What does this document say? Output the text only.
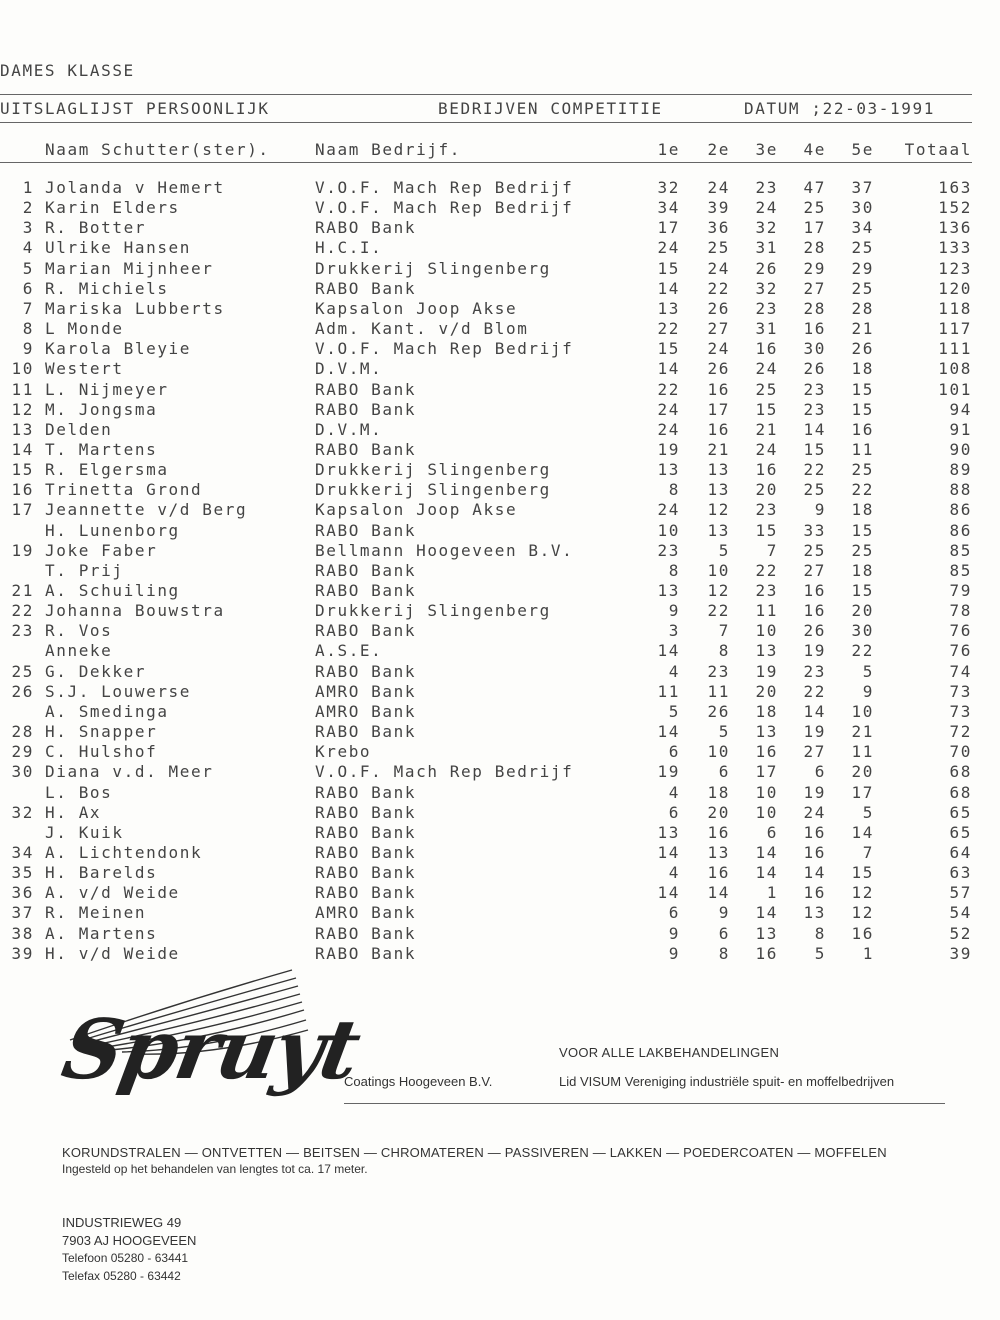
DAMES KLASSE
UITSLAGLIJST PERSOONLIJK	BEDRIJVEN COMPETITIE	DATUM ;22-03-1991
Naam Schutter(ster).	Naam Bedrijf.	1e	2e	3e	4e	5e	Totaal
1 Jolanda v Hemert	V.O.F. Mach Rep Bedrijf	32	24	23	47	37	163
2 Karin Elders	V.O.F. Mach Rep Bedrijf	34	39	24	25	30	152
3 R. Botter	RABO Bank	17	36	32	17	34	136
4 Ulrike Hansen	H.C.I.	24	25	31	28	25	133
5 Marian Mijnheer	Drukkerij Slingenberg	15	24	26	29	29	123
6 R. Michiels	RABO Bank	14	22	32	27	25	120
7 Mariska Lubberts	Kapsalon Joop Akse	13	26	23	28	28	118
8 L Monde	Adm. Kant. v/d Blom	22	27	31	16	21	117
9 Karola Bleyie	V.O.F. Mach Rep Bedrijf	15	24	16	30	26	111
10 Westert	D.V.M.	14	26	24	26	18	108
11 L. Nijmeyer	RABO Bank	22	16	25	23	15	101
12 M. Jongsma	RABO Bank	24	17	15	23	15	94
13 Delden	D.V.M.	24	16	21	14	16	91
14 T. Martens	RABO Bank	19	21	24	15	11	90
15 R. Elgersma	Drukkerij Slingenberg	13	13	16	22	25	89
16 Trinetta Grond	Drukkerij Slingenberg	8	13	20	25	22	88
17 Jeannette v/d Berg	Kapsalon Joop Akse	24	12	23	9	18	86
H. Lunenborg	RABO Bank	10	13	15	33	15	86
19 Joke Faber	Bellmann Hoogeveen B.V.	23	5	7	25	25	85
T. Prij	RABO Bank	8	10	22	27	18	85
21 A. Schuiling	RABO Bank	13	12	23	16	15	79
22 Johanna Bouwstra	Drukkerij Slingenberg	9	22	11	16	20	78
23 R. Vos	RABO Bank	3	7	10	26	30	76
Anneke	A.S.E.	14	8	13	19	22	76
25 G. Dekker	RABO Bank	4	23	19	23	5	74
26 S.J. Louwerse	AMRO Bank	11	11	20	22	9	73
A. Smedinga	AMRO Bank	5	26	18	14	10	73
28 H. Snapper	RABO Bank	14	5	13	19	21	72
29 C. Hulshof	Krebo	6	10	16	27	11	70
30 Diana v.d. Meer	V.O.F. Mach Rep Bedrijf	19	6	17	6	20	68
L. Bos	RABO Bank	4	18	10	19	17	68
32 H. Ax	RABO Bank	6	20	10	24	5	65
J. Kuik	RABO Bank	13	16	6	16	14	65
34 A. Lichtendonk	RABO Bank	14	13	14	16	7	64
35 H. Barelds	RABO Bank	4	16	14	14	15	63
36 A. v/d Weide	RABO Bank	14	14	1	16	12	57
37 R. Meinen	AMRO Bank	6	9	14	13	12	54
38 A. Martens	RABO Bank	9	6	13	8	16	52
39 H. v/d Weide	RABO Bank	9	8	16	5	1	39
Spruyt	VOOR ALLE LAKBEHANDELINGEN
Coatings Hoogeveen B.V.	Lid VISUM Vereniging industriële spuit- en moffelbedrijven
KORUNDSTRALEN — ONTVETTEN — BEITSEN — CHROMATEREN — PASSIVEREN — LAKKEN — POEDERCOATEN — MOFFELEN
Ingesteld op het behandelen van lengtes tot ca. 17 meter.
INDUSTRIEWEG 49
7903 AJ HOOGEVEEN
Telefoon 05280 - 63441
Telefax 05280 - 63442
